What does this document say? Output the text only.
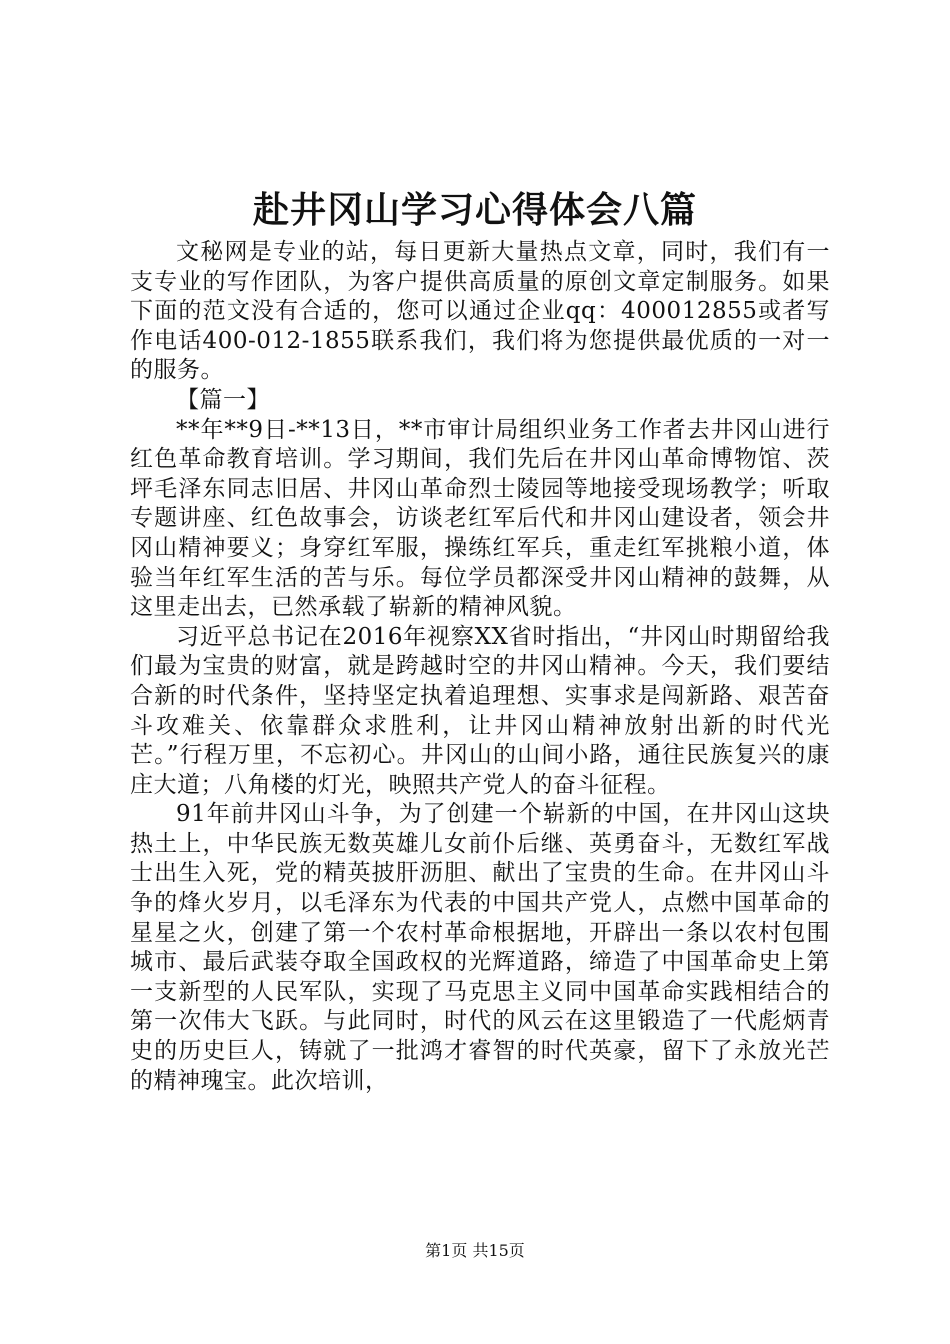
赴井冈山学习心得体会八篇

文秘网是专业的站，每日更新大量热点文章，同时，我们有一支专业的写作团队，为客户提供高质量的原创文章定制服务。如果下面的范文没有合适的，您可以通过企业qq：400012855或者写作电话400-012-1855联系我们，我们将为您提供最优质的一对一的服务。

【篇一】

**年**9日-**13日，**市审计局组织业务工作者去井冈山进行红色革命教育培训。学习期间，我们先后在井冈山革命博物馆、茨坪毛泽东同志旧居、井冈山革命烈士陵园等地接受现场教学；听取专题讲座、红色故事会，访谈老红军后代和井冈山建设者，领会井冈山精神要义；身穿红军服，操练红军兵，重走红军挑粮小道，体验当年红军生活的苦与乐。每位学员都深受井冈山精神的鼓舞，从这里走出去，已然承载了崭新的精神风貌。

习近平总书记在2016年视察XX省时指出，“井冈山时期留给我们最为宝贵的财富，就是跨越时空的井冈山精神。今天，我们要结合新的时代条件，坚持坚定执着追理想、实事求是闯新路、艰苦奋斗攻难关、依靠群众求胜利，让井冈山精神放射出新的时代光芒。”行程万里，不忘初心。井冈山的山间小路，通往民族复兴的康庄大道；八角楼的灯光，映照共产党人的奋斗征程。

91年前井冈山斗争，为了创建一个崭新的中国，在井冈山这块热土上，中华民族无数英雄儿女前仆后继、英勇奋斗，无数红军战士出生入死，党的精英披肝沥胆、献出了宝贵的生命。在井冈山斗争的烽火岁月，以毛泽东为代表的中国共产党人，点燃中国革命的星星之火，创建了第一个农村革命根据地，开辟出一条以农村包围城市、最后武装夺取全国政权的光辉道路，缔造了中国革命史上第一支新型的人民军队，实现了马克思主义同中国革命实践相结合的第一次伟大飞跃。与此同时，时代的风云在这里锻造了一代彪炳青史的历史巨人，铸就了一批鸿才睿智的时代英豪，留下了永放光芒的精神瑰宝。此次培训，

第1页 共15页
